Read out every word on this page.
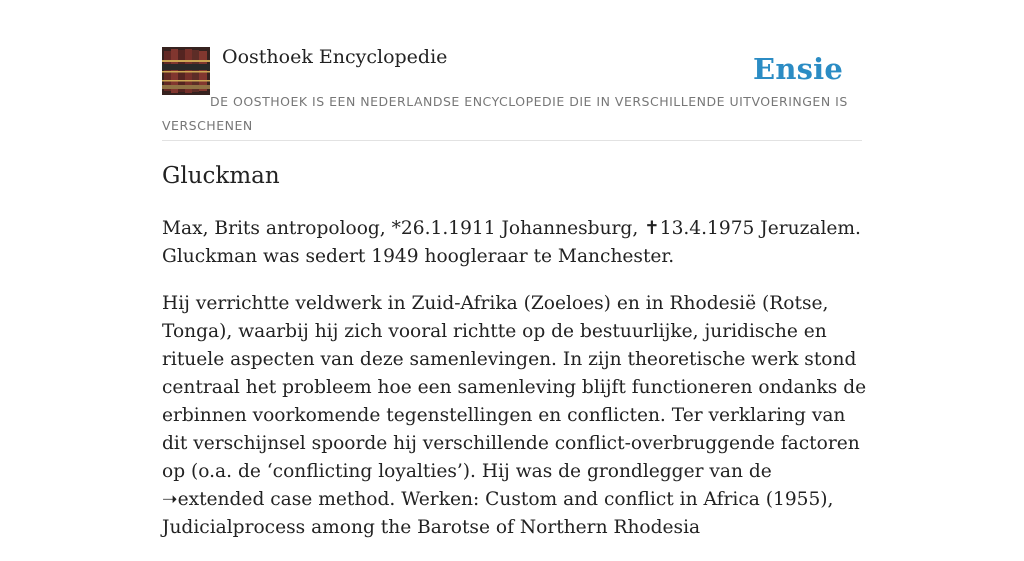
Oosthoek Encyclopedie	Ensie
DE OOSTHOEK IS EEN NEDERLANDSE ENCYCLOPEDIE DIE IN VERSCHILLENDE UITVOERINGEN IS VERSCHENEN
Gluckman

Max, Brits antropoloog, *26.1.1911 Johannesburg, ✝13.4.1975 Jeruzalem. Gluckman was sedert 1949 hoogleraar te Manchester.

Hij verrichtte veldwerk in Zuid-Afrika (Zoeloes) en in Rhodesië (Rotse, Tonga), waarbij hij zich vooral richtte op de bestuurlijke, juridische en rituele aspecten van deze samenlevingen. In zijn theoretische werk stond centraal het probleem hoe een samenleving blijft functioneren ondanks de erbinnen voorkomende tegenstellingen en conflicten. Ter verklaring van dit verschijnsel spoorde hij verschillende conflict-overbruggende factoren op (o.a. de ‘conflicting loyalties’). Hij was de grondlegger van de ➝extended case method. Werken: Custom and conflict in Africa (1955), Judicialprocess among the Barotse of Northern Rhodesia
